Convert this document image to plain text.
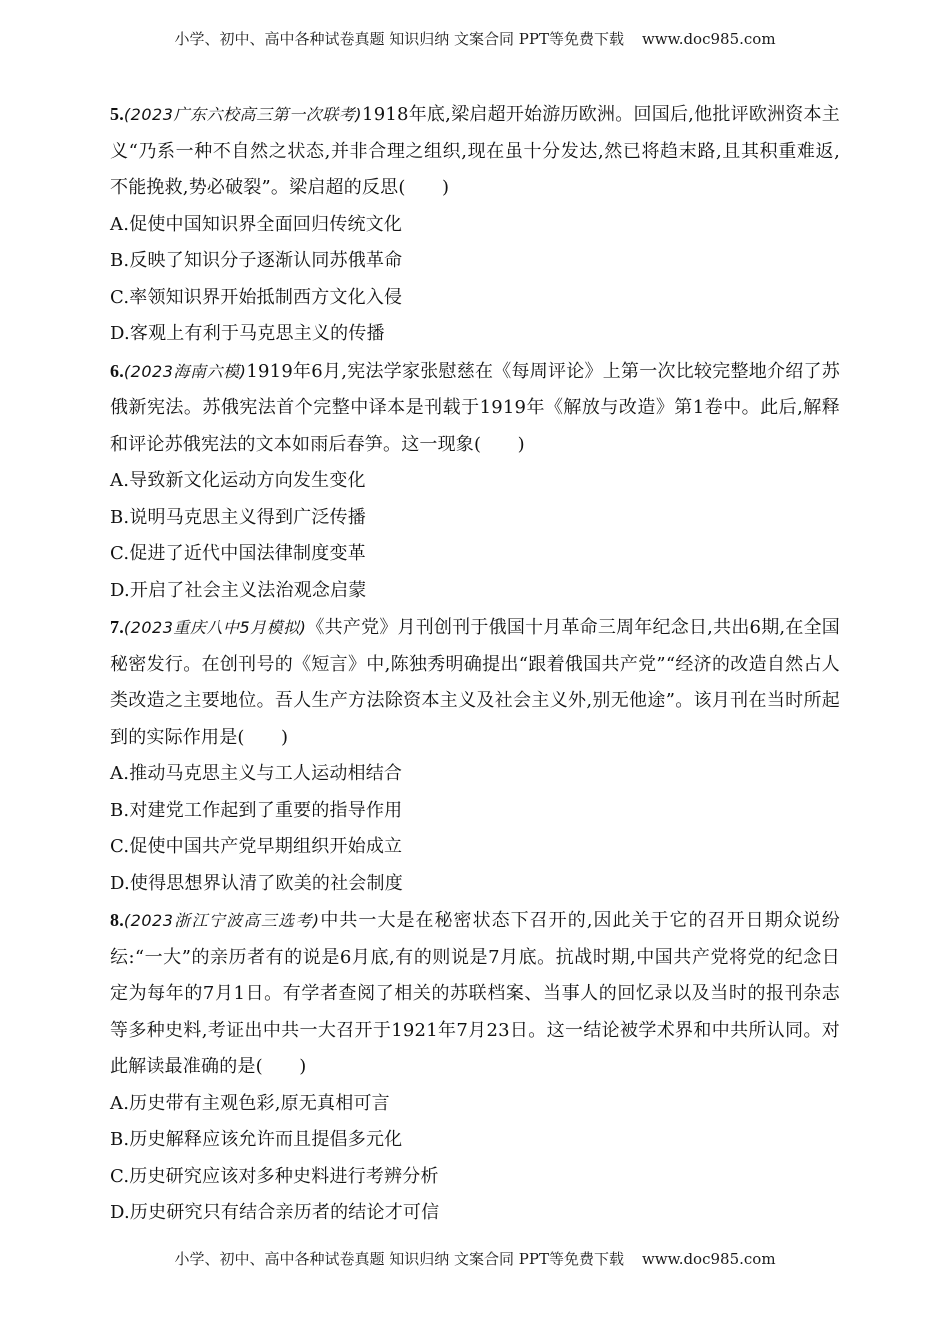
小学、初中、高中各种试卷真题 知识归纳 文案合同 PPT等免费下载 www.doc985.com

5.(2023广东六校高三第一次联考)1918年底,梁启超开始游历欧洲。回国后,他批评欧洲资本主义“乃系一种不自然之状态,并非合理之组织,现在虽十分发达,然已将趋末路,且其积重难返,不能挽救,势必破裂”。梁启超的反思(　　)

A.促使中国知识界全面回归传统文化

B.反映了知识分子逐渐认同苏俄革命

C.率领知识界开始抵制西方文化入侵

D.客观上有利于马克思主义的传播

6.(2023海南六模)1919年6月,宪法学家张慰慈在《每周评论》上第一次比较完整地介绍了苏俄新宪法。苏俄宪法首个完整中译本是刊载于1919年《解放与改造》第1卷中。此后,解释和评论苏俄宪法的文本如雨后春笋。这一现象(　　)

A.导致新文化运动方向发生变化

B.说明马克思主义得到广泛传播

C.促进了近代中国法律制度变革

D.开启了社会主义法治观念启蒙

7.(2023重庆八中5月模拟)《共产党》月刊创刊于俄国十月革命三周年纪念日,共出6期,在全国秘密发行。在创刊号的《短言》中,陈独秀明确提出“跟着俄国共产党”“经济的改造自然占人类改造之主要地位。吾人生产方法除资本主义及社会主义外,别无他途”。该月刊在当时所起到的实际作用是(　　)

A.推动马克思主义与工人运动相结合

B.对建党工作起到了重要的指导作用

C.促使中国共产党早期组织开始成立

D.使得思想界认清了欧美的社会制度

8.(2023浙江宁波高三选考)中共一大是在秘密状态下召开的,因此关于它的召开日期众说纷纭:“一大”的亲历者有的说是6月底,有的则说是7月底。抗战时期,中国共产党将党的纪念日定为每年的7月1日。有学者查阅了相关的苏联档案、当事人的回忆录以及当时的报刊杂志等多种史料,考证出中共一大召开于1921年7月23日。这一结论被学术界和中共所认同。对此解读最准确的是(　　)

A.历史带有主观色彩,原无真相可言

B.历史解释应该允许而且提倡多元化

C.历史研究应该对多种史料进行考辨分析

D.历史研究只有结合亲历者的结论才可信

小学、初中、高中各种试卷真题 知识归纳 文案合同 PPT等免费下载 www.doc985.com
